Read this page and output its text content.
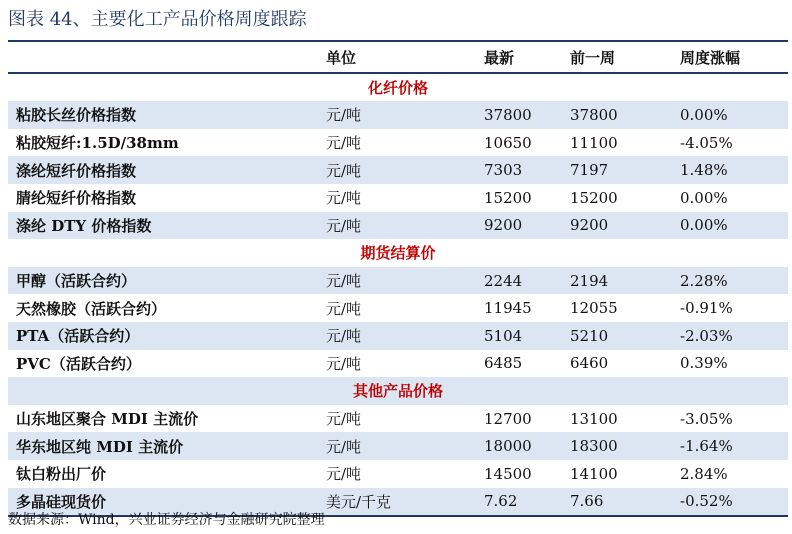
图表 44、主要化工产品价格周度跟踪
	单位	最新	前一周	周度涨幅
化纤价格				
粘胶长丝价格指数	元/吨	37800	37800	0.00%
粘胶短纤:1.5D/38mm	元/吨	10650	11100	-4.05%
涤纶短纤价格指数	元/吨	7303	7197	1.48%
腈纶短纤价格指数	元/吨	15200	15200	0.00%
涤纶 DTY 价格指数	元/吨	9200	9200	0.00%
期货结算价				
甲醇（活跃合约）	元/吨	2244	2194	2.28%
天然橡胶（活跃合约）	元/吨	11945	12055	-0.91%
PTA（活跃合约）	元/吨	5104	5210	-2.03%
PVC（活跃合约）	元/吨	6485	6460	0.39%
其他产品价格				
山东地区聚合 MDI 主流价	元/吨	12700	13100	-3.05%
华东地区纯 MDI 主流价	元/吨	18000	18300	-1.64%
钛白粉出厂价	元/吨	14500	14100	2.84%
多晶硅现货价	美元/千克	7.62	7.66	-0.52%
数据来源：Wind，兴业证券经济与金融研究院整理
